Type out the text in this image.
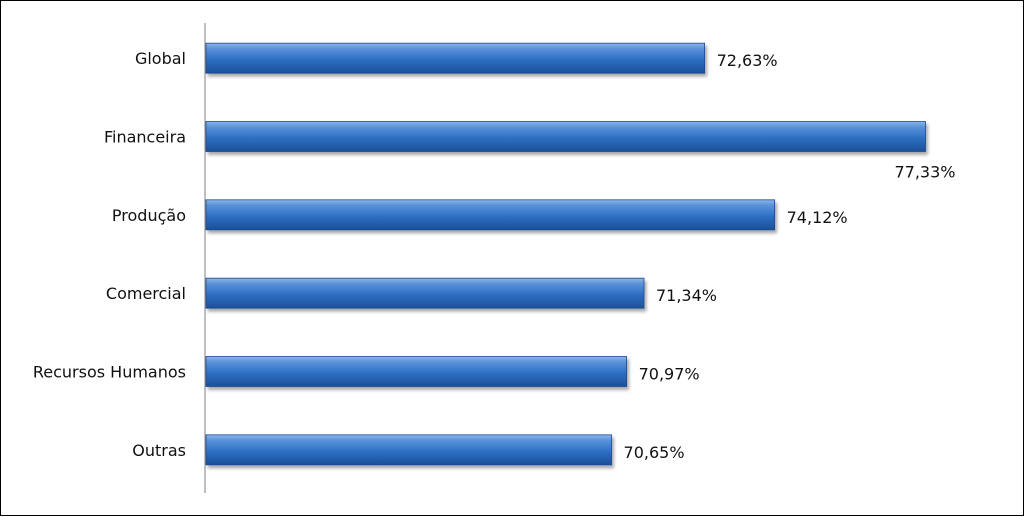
Global	72,63%
Financeira
77,33%
Produção	74,12%
Comercial	71,34%
Recursos Humanos	70,97%
Outras	70,65%
